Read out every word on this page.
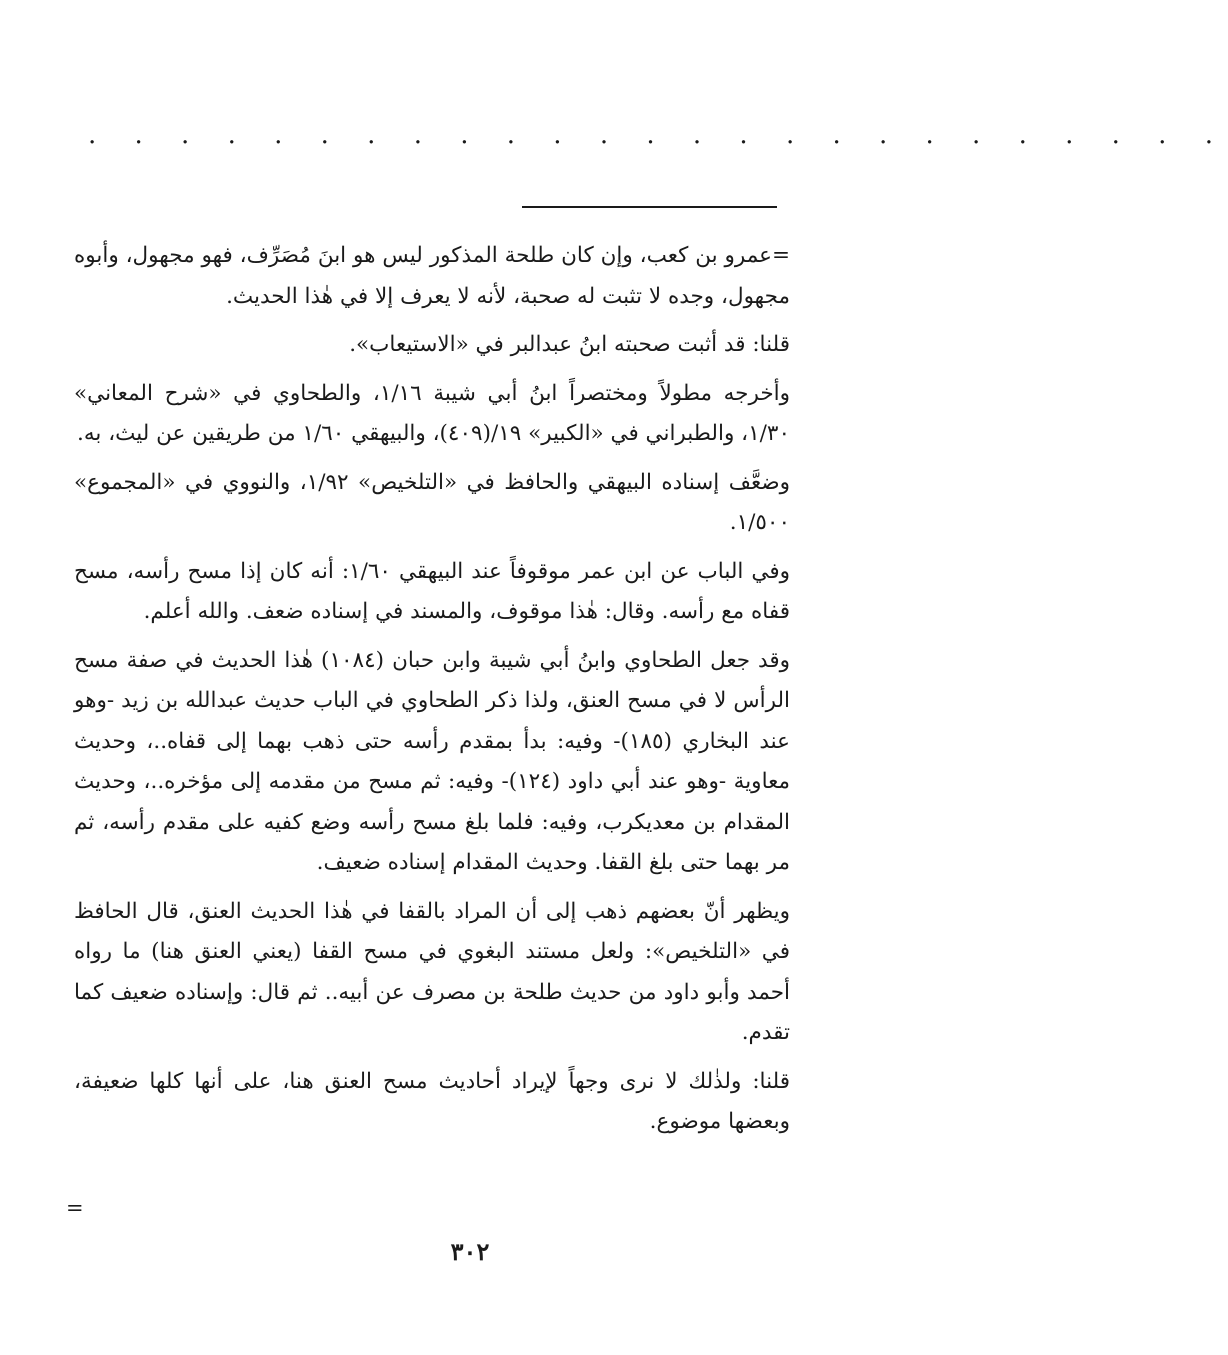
. . . . . . . . . . . . . . . . . . . . . . . . .

=عمرو بن كعب، وإن كان طلحة المذكور ليس هو ابنَ مُصَرِّف، فهو مجهول، وأبوه مجهول، وجده لا تثبت له صحبة، لأنه لا يعرف إلا في هٰذا الحديث.

قلنا: قد أثبت صحبته ابنُ عبدالبر في «الاستيعاب».

وأخرجه مطولاً ومختصراً ابنُ أبي شيبة ١/١٦، والطحاوي في «شرح المعاني» ١/٣٠، والطبراني في «الكبير» ١٩/(٤٠٩)، والبيهقي ١/٦٠ من طريقين عن ليث، به.

وضعَّف إسناده البيهقي والحافظ في «التلخيص» ١/٩٢، والنووي في «المجموع» ١/٥٠٠.

وفي الباب عن ابن عمر موقوفاً عند البيهقي ١/٦٠: أنه كان إذا مسح رأسه، مسح قفاه مع رأسه. وقال: هٰذا موقوف، والمسند في إسناده ضعف. والله أعلم.

وقد جعل الطحاوي وابنُ أبي شيبة وابن حبان (١٠٨٤) هٰذا الحديث في صفة مسح الرأس لا في مسح العنق، ولذا ذكر الطحاوي في الباب حديث عبدالله بن زيد -وهو عند البخاري (١٨٥)- وفيه: بدأ بمقدم رأسه حتى ذهب بهما إلى قفاه..، وحديث معاوية -وهو عند أبي داود (١٢٤)- وفيه: ثم مسح من مقدمه إلى مؤخره..، وحديث المقدام بن معديكرب، وفيه: فلما بلغ مسح رأسه وضع كفيه على مقدم رأسه، ثم مر بهما حتى بلغ القفا. وحديث المقدام إسناده ضعيف.

ويظهر أنّ بعضهم ذهب إلى أن المراد بالقفا في هٰذا الحديث العنق، قال الحافظ في «التلخيص»: ولعل مستند البغوي في مسح القفا (يعني العنق هنا) ما رواه أحمد وأبو داود من حديث طلحة بن مصرف عن أبيه.. ثم قال: وإسناده ضعيف كما تقدم.

قلنا: ولذٰلك لا نرى وجهاً لإيراد أحاديث مسح العنق هنا، على أنها كلها ضعيفة، وبعضها موضوع.

=
٣٠٢
